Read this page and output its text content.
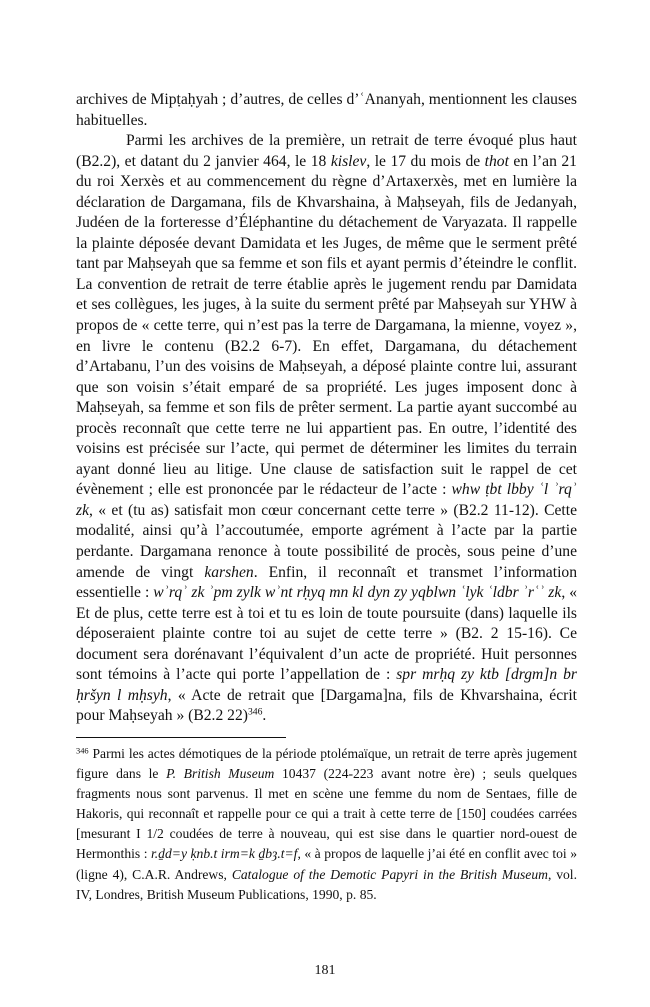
archives de Mipṭaḥyah ; d’autres, de celles d’ʿAnanyah, mentionnent les clauses habituelles.

Parmi les archives de la première, un retrait de terre évoqué plus haut (B2.2), et datant du 2 janvier 464, le 18 kislev, le 17 du mois de thot en l’an 21 du roi Xerxès et au commencement du règne d’Artaxerxès, met en lumière la déclaration de Dargamana, fils de Khvarshaina, à Maḥseyah, fils de Jedanyah, Judéen de la forteresse d’Éléphantine du détachement de Varyazata. Il rappelle la plainte déposée devant Damidata et les Juges, de même que le serment prêté tant par Maḥseyah que sa femme et son fils et ayant permis d’éteindre le conflit. La convention de retrait de terre établie après le jugement rendu par Damidata et ses collègues, les juges, à la suite du serment prêté par Maḥseyah sur YHW à propos de « cette terre, qui n’est pas la terre de Dargamana, la mienne, voyez », en livre le contenu (B2.2 6-7). En effet, Dargamana, du détachement d’Artabanu, l’un des voisins de Maḥseyah, a déposé plainte contre lui, assurant que son voisin s’était emparé de sa propriété. Les juges imposent donc à Maḥseyah, sa femme et son fils de prêter serment. La partie ayant succombé au procès reconnaît que cette terre ne lui appartient pas. En outre, l’identité des voisins est précisée sur l’acte, qui permet de déterminer les limites du terrain ayant donné lieu au litige. Une clause de satisfaction suit le rappel de cet évènement ; elle est prononcée par le rédacteur de l’acte : whw ṭbt lbby ʿl ʾrqʾ zk, « et (tu as) satisfait mon cœur concernant cette terre » (B2.2 11-12). Cette modalité, ainsi qu’à l’accoutumée, emporte agrément à l’acte par la partie perdante. Dargamana renonce à toute possibilité de procès, sous peine d’une amende de vingt karshen. Enfin, il reconnaît et transmet l’information essentielle : wʾrqʾ zk ʾpm zylk wʾnt rḥyq mn kl dyn zy yqblwn ʿlyk ʿldbr ʾrʿʾ zk, « Et de plus, cette terre est à toi et tu es loin de toute poursuite (dans) laquelle ils déposeraient plainte contre toi au sujet de cette terre » (B2. 2 15-16). Ce document sera dorénavant l’équivalent d’un acte de propriété. Huit personnes sont témoins à l’acte qui porte l’appellation de : spr mrḥq zy ktb [drgm]n br ḥršyn l mḥsyh, « Acte de retrait que [Dargama]na, fils de Khvarshaina, écrit pour Maḥseyah » (B2.2 22)$^{346}$.

$^{346}$ Parmi les actes démotiques de la période ptolémaïque, un retrait de terre après jugement figure dans le P. British Museum 10437 (224-223 avant notre ère) ; seuls quelques fragments nous sont parvenus. Il met en scène une femme du nom de Sentaes, fille de Hakoris, qui reconnaît et rappelle pour ce qui a trait à cette terre de [150] coudées carrées [mesurant I 1/2 coudées de terre à nouveau, qui est sise dans le quartier nord-ouest de Hermonthis : r.ḏd=y ḳnb.t irm=k ḏbȝ.t=f, « à propos de laquelle j’ai été en conflit avec toi » (ligne 4), C.A.R. Andrews, Catalogue of the Demotic Papyri in the British Museum, vol. IV, Londres, British Museum Publications, 1990, p. 85.

181
